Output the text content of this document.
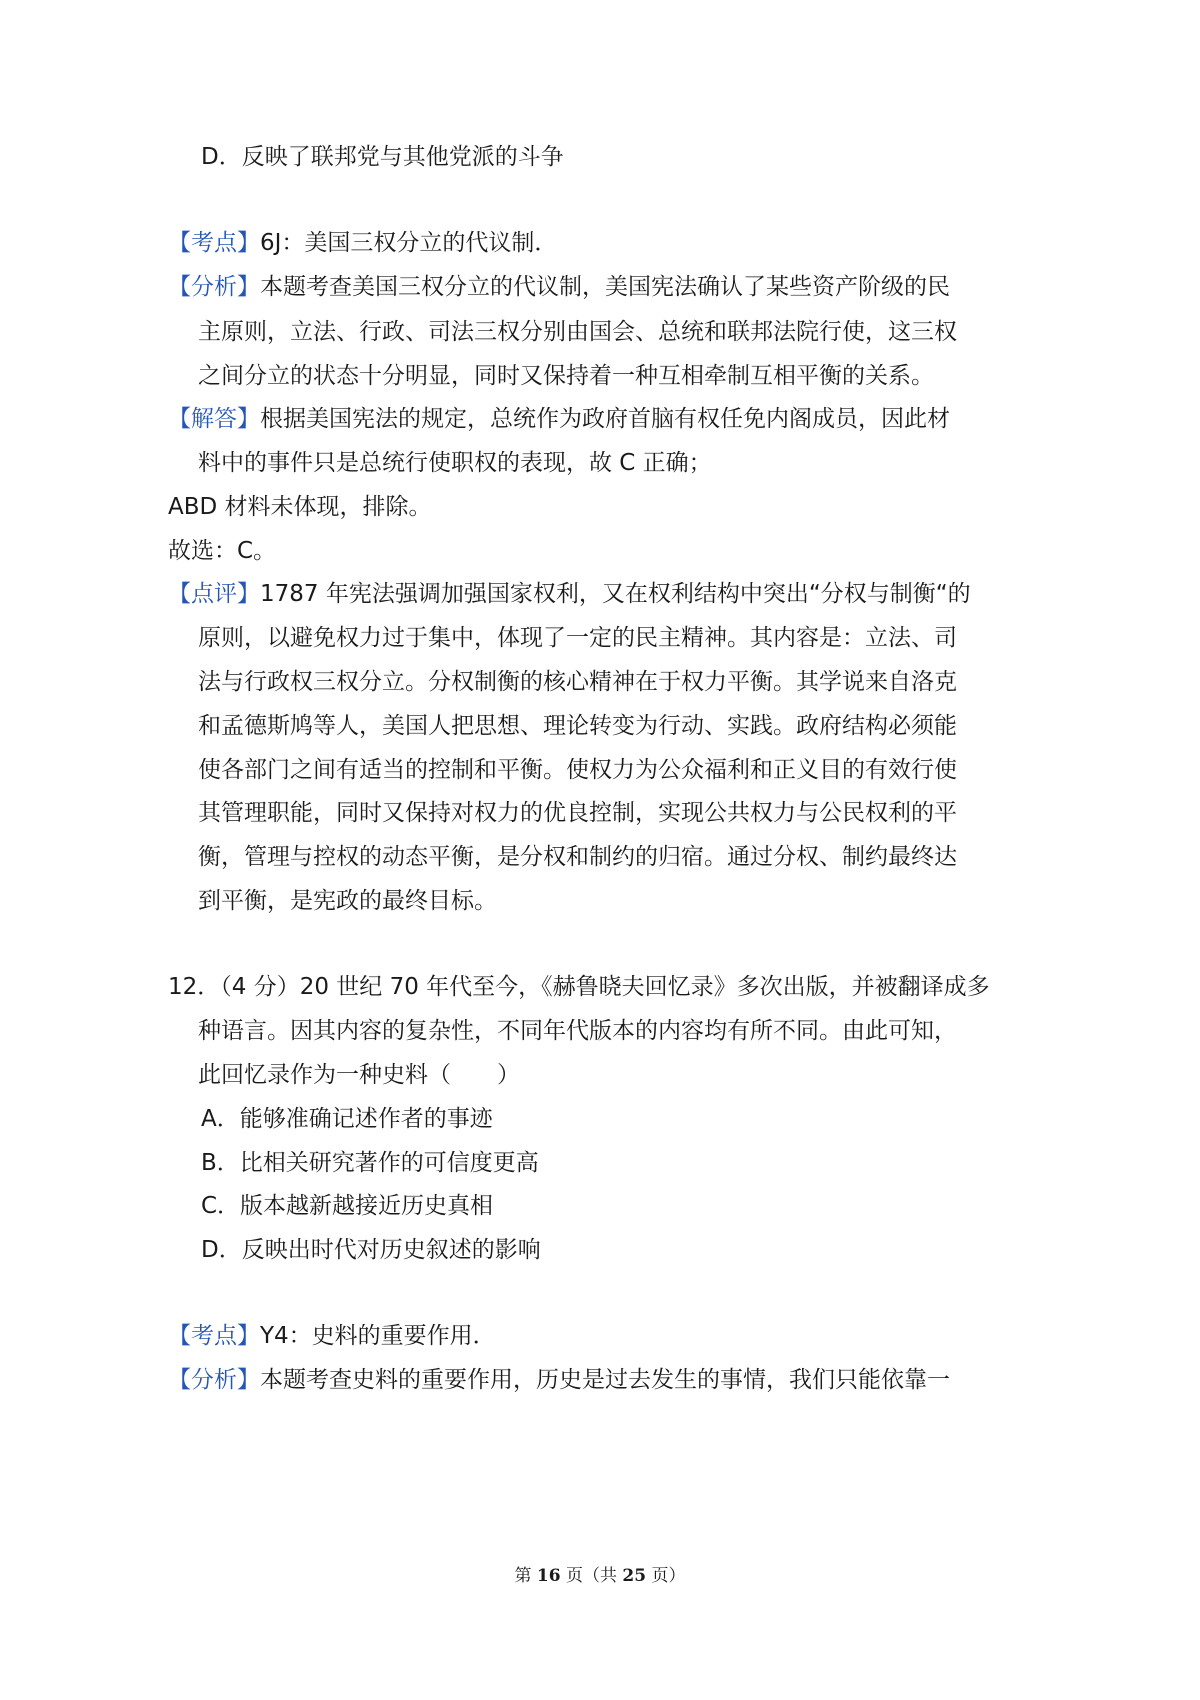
D．反映了联邦党与其他党派的斗争
【考点】6J：美国三权分立的代议制．
【分析】本题考查美国三权分立的代议制，美国宪法确认了某些资产阶级的民
主原则，立法、行政、司法三权分别由国会、总统和联邦法院行使，这三权
之间分立的状态十分明显，同时又保持着一种互相牵制互相平衡的关系。
【解答】根据美国宪法的规定，总统作为政府首脑有权任免内阁成员，因此材
料中的事件只是总统行使职权的表现，故 C 正确；
ABD 材料未体现，排除。
故选：C。
【点评】1787 年宪法强调加强国家权利，又在权利结构中突出“分权与制衡“的
原则，以避免权力过于集中，体现了一定的民主精神。其内容是：立法、司
法与行政权三权分立。分权制衡的核心精神在于权力平衡。其学说来自洛克
和孟德斯鸠等人，美国人把思想、理论转变为行动、实践。政府结构必须能
使各部门之间有适当的控制和平衡。使权力为公众福利和正义目的有效行使
其管理职能，同时又保持对权力的优良控制，实现公共权力与公民权利的平
衡，管理与控权的动态平衡，是分权和制约的归宿。通过分权、制约最终达
到平衡，是宪政的最终目标。
12．（4 分）20 世纪 70 年代至今，《赫鲁晓夫回忆录》多次出版，并被翻译成多
种语言。因其内容的复杂性，不同年代版本的内容均有所不同。由此可知，
此回忆录作为一种史料（　　）
A．能够准确记述作者的事迹
B．比相关研究著作的可信度更高
C．版本越新越接近历史真相
D．反映出时代对历史叙述的影响
【考点】Y4：史料的重要作用．
【分析】本题考查史料的重要作用，历史是过去发生的事情，我们只能依靠一
第 16 页（共 25 页）
